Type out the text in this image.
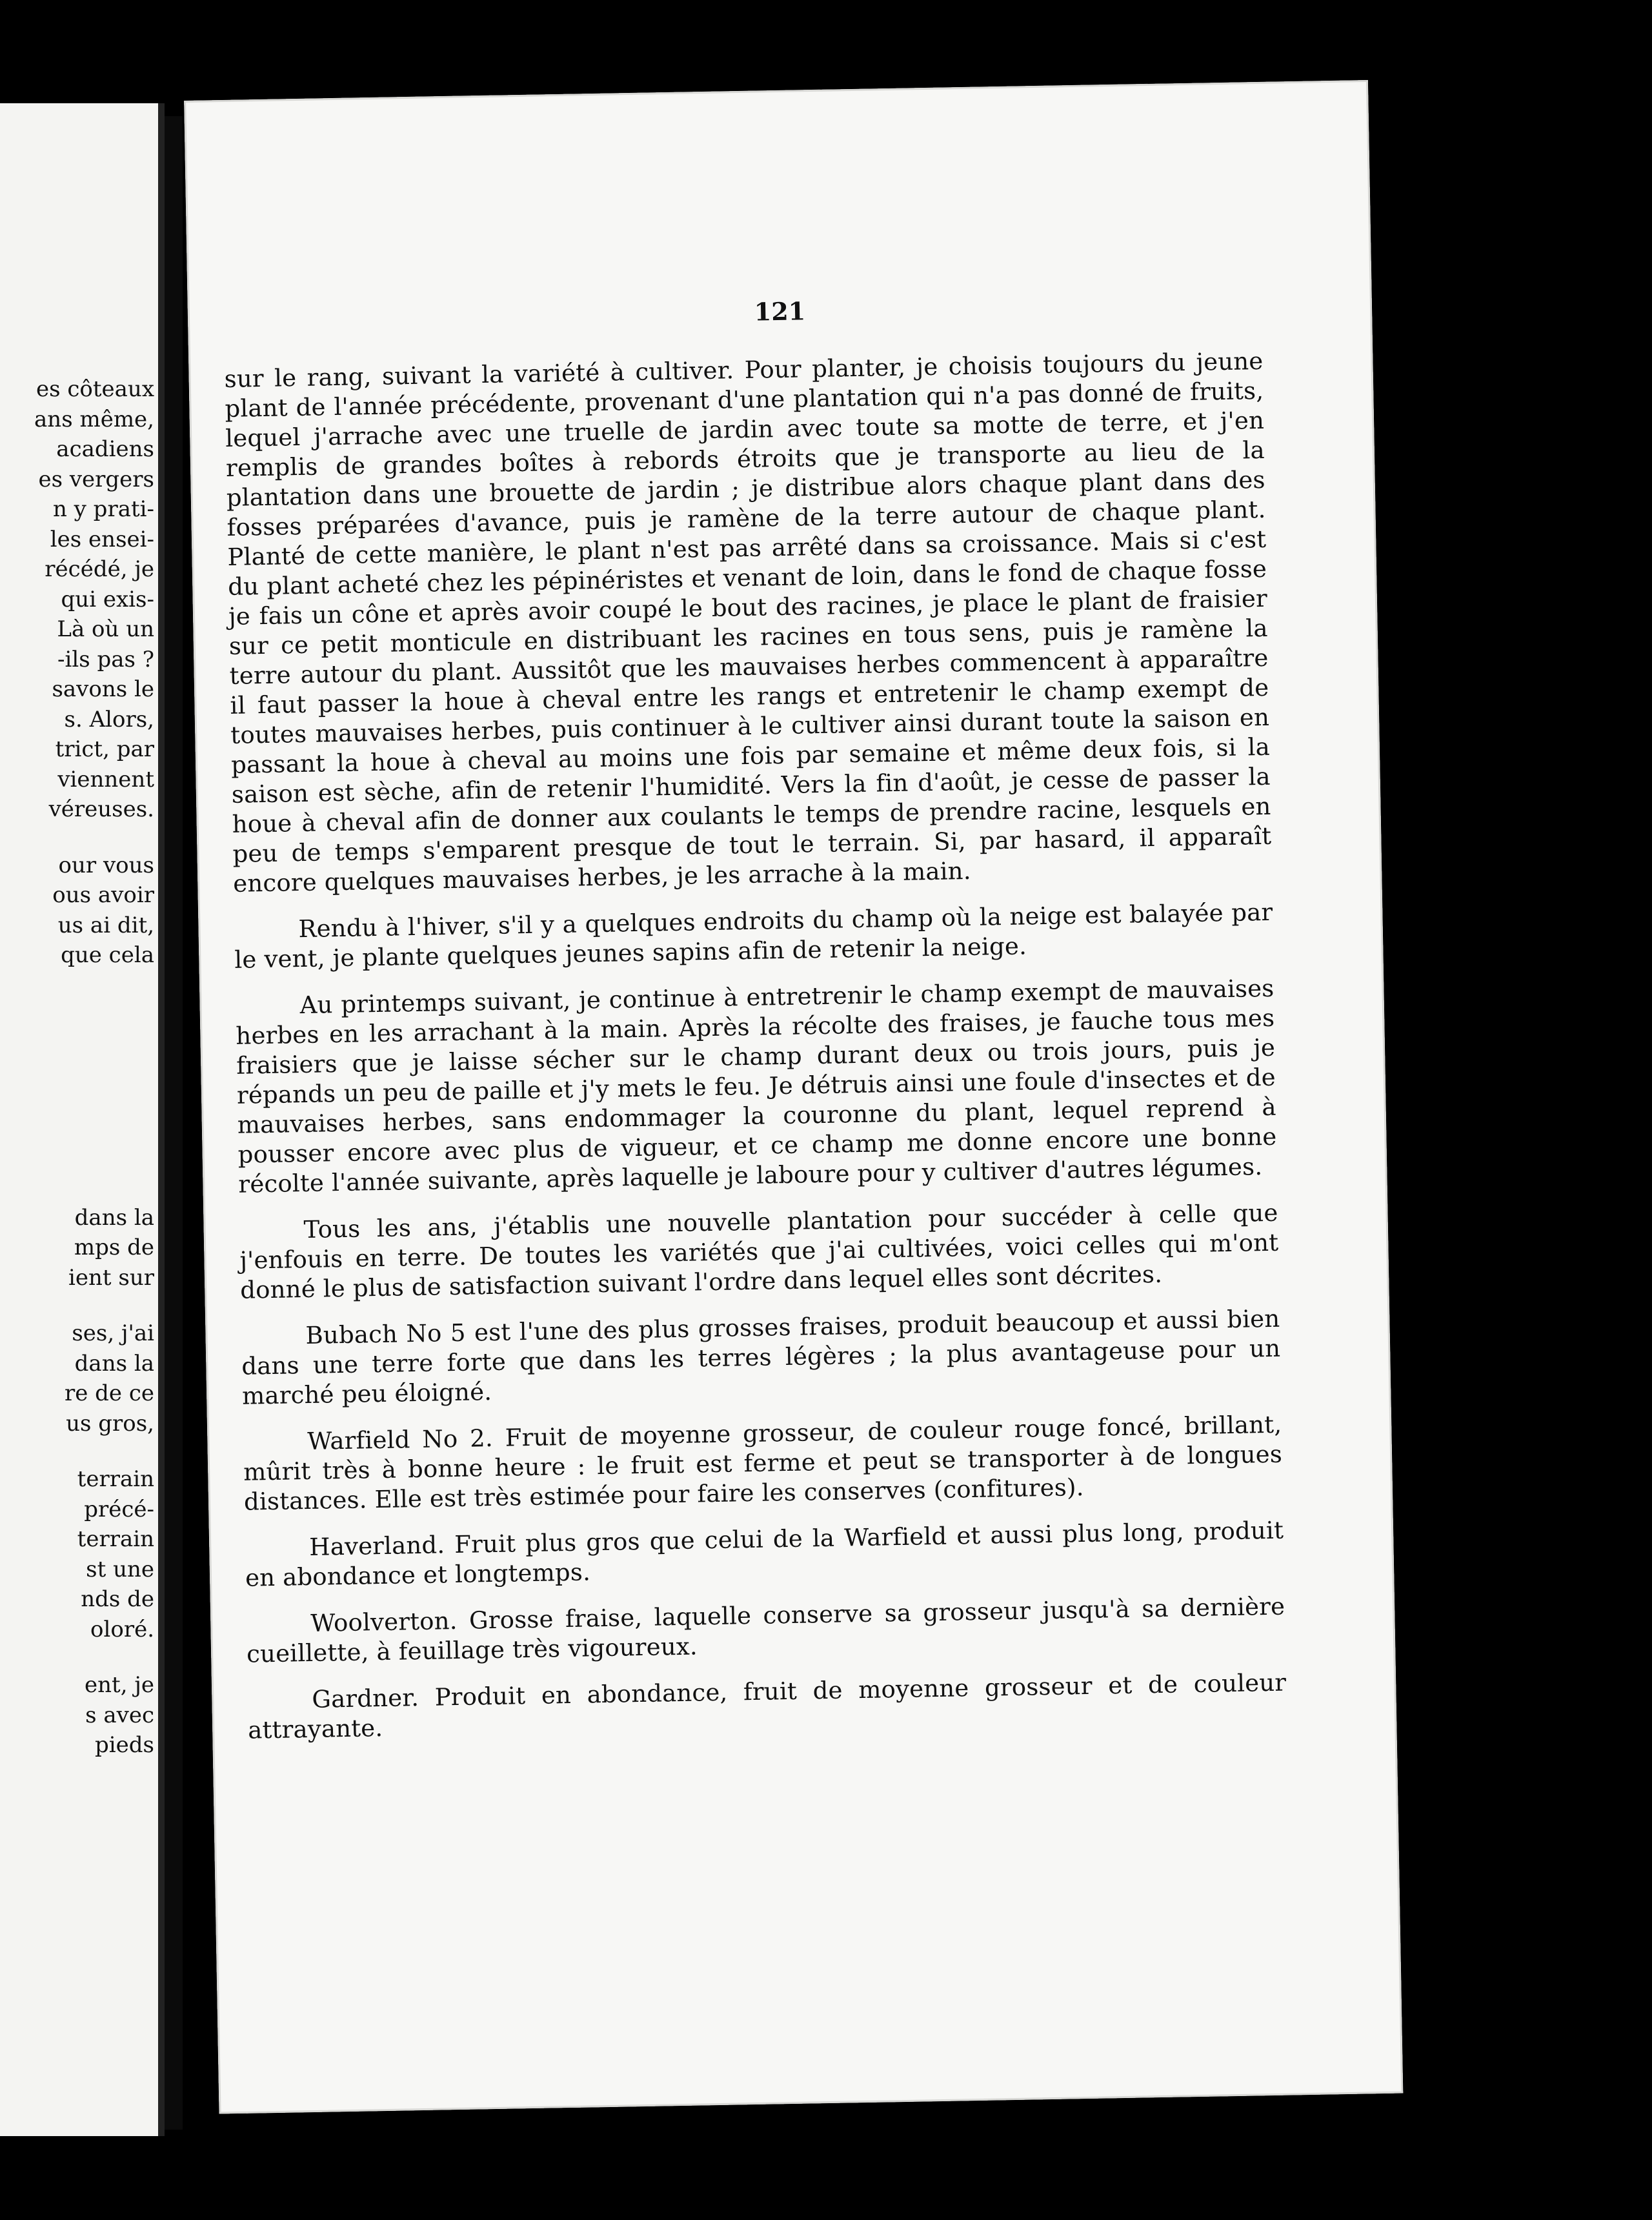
es côteaux
ans même,
acadiens
es vergers
n y prati-
les ensei-
récédé, je
qui exis-
Là où un
-ils pas ?
savons le
s. Alors,
trict, par
viennent
véreuses.
our vous
ous avoir
us ai dit,
que cela
dans la
mps de
ient sur
ses, j'ai
dans la
re de ce
us gros,
terrain
précé-
terrain
st une
nds de
oloré.
ent, je
s avec
pieds
121

sur le rang, suivant la variété à cultiver. Pour planter, je choisis toujours du jeune plant de l'année précédente, provenant d'une plantation qui n'a pas donné de fruits, lequel j'arrache avec une truelle de jardin avec toute sa motte de terre, et j'en remplis de grandes boîtes à rebords étroits que je transporte au lieu de la plantation dans une brouette de jardin ; je distribue alors chaque plant dans des fosses préparées d'avance, puis je ramène de la terre autour de chaque plant. Planté de cette manière, le plant n'est pas arrêté dans sa croissance. Mais si c'est du plant acheté chez les pépinéristes et venant de loin, dans le fond de chaque fosse je fais un cône et après avoir coupé le bout des racines, je place le plant de fraisier sur ce petit monticule en distribuant les racines en tous sens, puis je ramène la terre autour du plant. Aussitôt que les mauvaises herbes commencent à apparaître il faut passer la houe à cheval entre les rangs et entretenir le champ exempt de toutes mauvaises herbes, puis continuer à le cultiver ainsi durant toute la saison en passant la houe à cheval au moins une fois par semaine et même deux fois, si la saison est sèche, afin de retenir l'humidité. Vers la fin d'août, je cesse de passer la houe à cheval afin de donner aux coulants le temps de prendre racine, lesquels en peu de temps s'emparent presque de tout le terrain. Si, par hasard, il apparaît encore quelques mauvaises herbes, je les arrache à la main.

Rendu à l'hiver, s'il y a quelques endroits du champ où la neige est balayée par le vent, je plante quelques jeunes sapins afin de retenir la neige.

Au printemps suivant, je continue à entretrenir le champ exempt de mauvaises herbes en les arrachant à la main. Après la récolte des fraises, je fauche tous mes fraisiers que je laisse sécher sur le champ durant deux ou trois jours, puis je répands un peu de paille et j'y mets le feu. Je détruis ainsi une foule d'insectes et de mauvaises herbes, sans endommager la couronne du plant, lequel reprend à pousser encore avec plus de vigueur, et ce champ me donne encore une bonne récolte l'année suivante, après laquelle je laboure pour y cultiver d'autres légumes.

Tous les ans, j'établis une nouvelle plantation pour succéder à celle que j'enfouis en terre. De toutes les variétés que j'ai cultivées, voici celles qui m'ont donné le plus de satisfaction suivant l'ordre dans lequel elles sont décrites.

Bubach No 5 est l'une des plus grosses fraises, produit beaucoup et aussi bien dans une terre forte que dans les terres légères ; la plus avantageuse pour un marché peu éloigné.

Warfield No 2. Fruit de moyenne grosseur, de couleur rouge foncé, brillant, mûrit très à bonne heure : le fruit est ferme et peut se transporter à de longues distances. Elle est très estimée pour faire les conserves (confitures).

Haverland. Fruit plus gros que celui de la Warfield et aussi plus long, produit en abondance et longtemps.

Woolverton. Grosse fraise, laquelle conserve sa grosseur jusqu'à sa dernière cueillette, à feuillage très vigoureux.

Gardner. Produit en abondance, fruit de moyenne grosseur et de couleur attrayante.
